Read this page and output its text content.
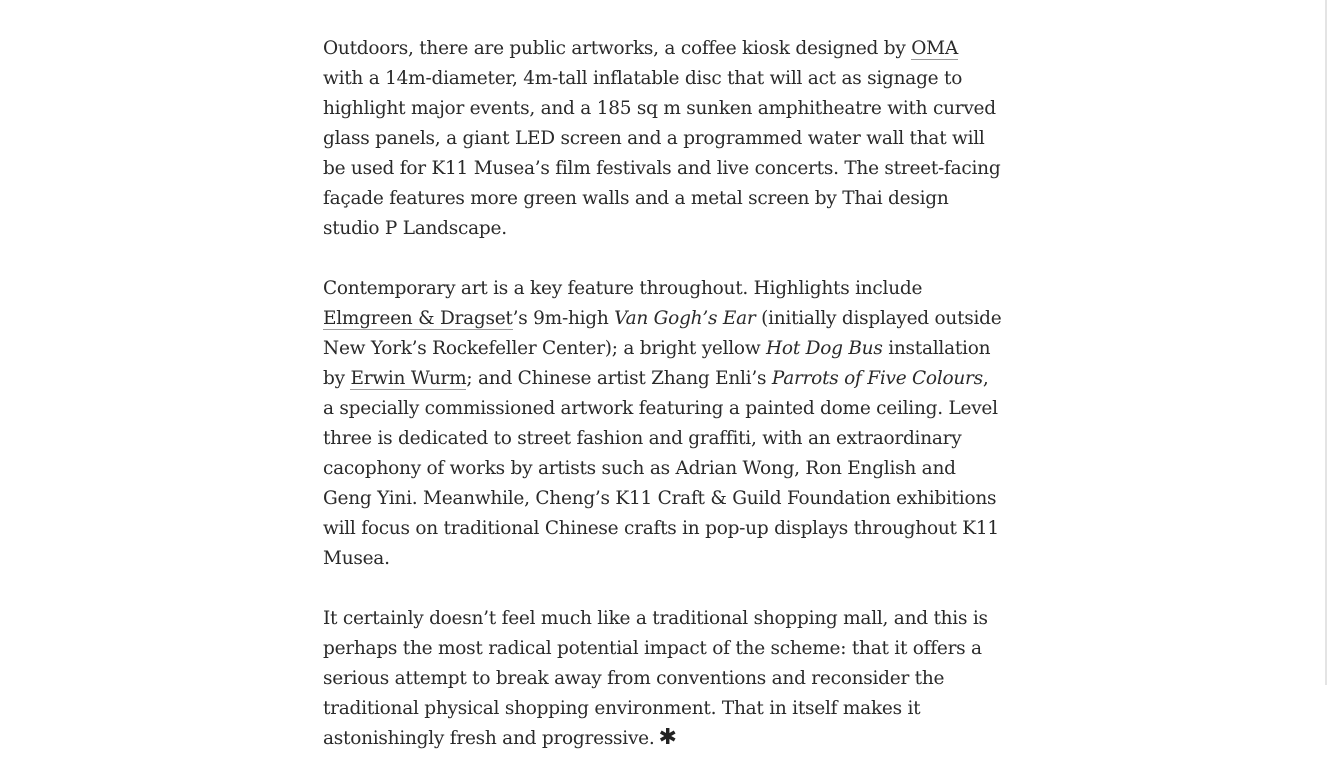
Outdoors, there are public artworks, a coffee kiosk designed by OMA with a 14m-diameter, 4m-tall inflatable disc that will act as signage to highlight major events, and a 185 sq m sunken amphitheatre with curved glass panels, a giant LED screen and a programmed water wall that will be used for K11 Musea’s film festivals and live concerts. The street-facing façade features more green walls and a metal screen by Thai design studio P Landscape.

Contemporary art is a key feature throughout. Highlights include Elmgreen & Dragset’s 9m-high Van Gogh’s Ear (initially displayed outside New York’s Rockefeller Center); a bright yellow Hot Dog Bus installation by Erwin Wurm; and Chinese artist Zhang Enli’s Parrots of Five Colours, a specially commissioned artwork featuring a painted dome ceiling. Level three is dedicated to street fashion and graffiti, with an extraordinary cacophony of works by artists such as Adrian Wong, Ron English and Geng Yini. Meanwhile, Cheng’s K11 Craft & Guild Foundation exhibitions will focus on traditional Chinese crafts in pop-up displays throughout K11 Musea.

It certainly doesn’t feel much like a traditional shopping mall, and this is perhaps the most radical potential impact of the scheme: that it offers a serious attempt to break away from conventions and reconsider the traditional physical shopping environment. That in itself makes it astonishingly fresh and progressive. ✱
